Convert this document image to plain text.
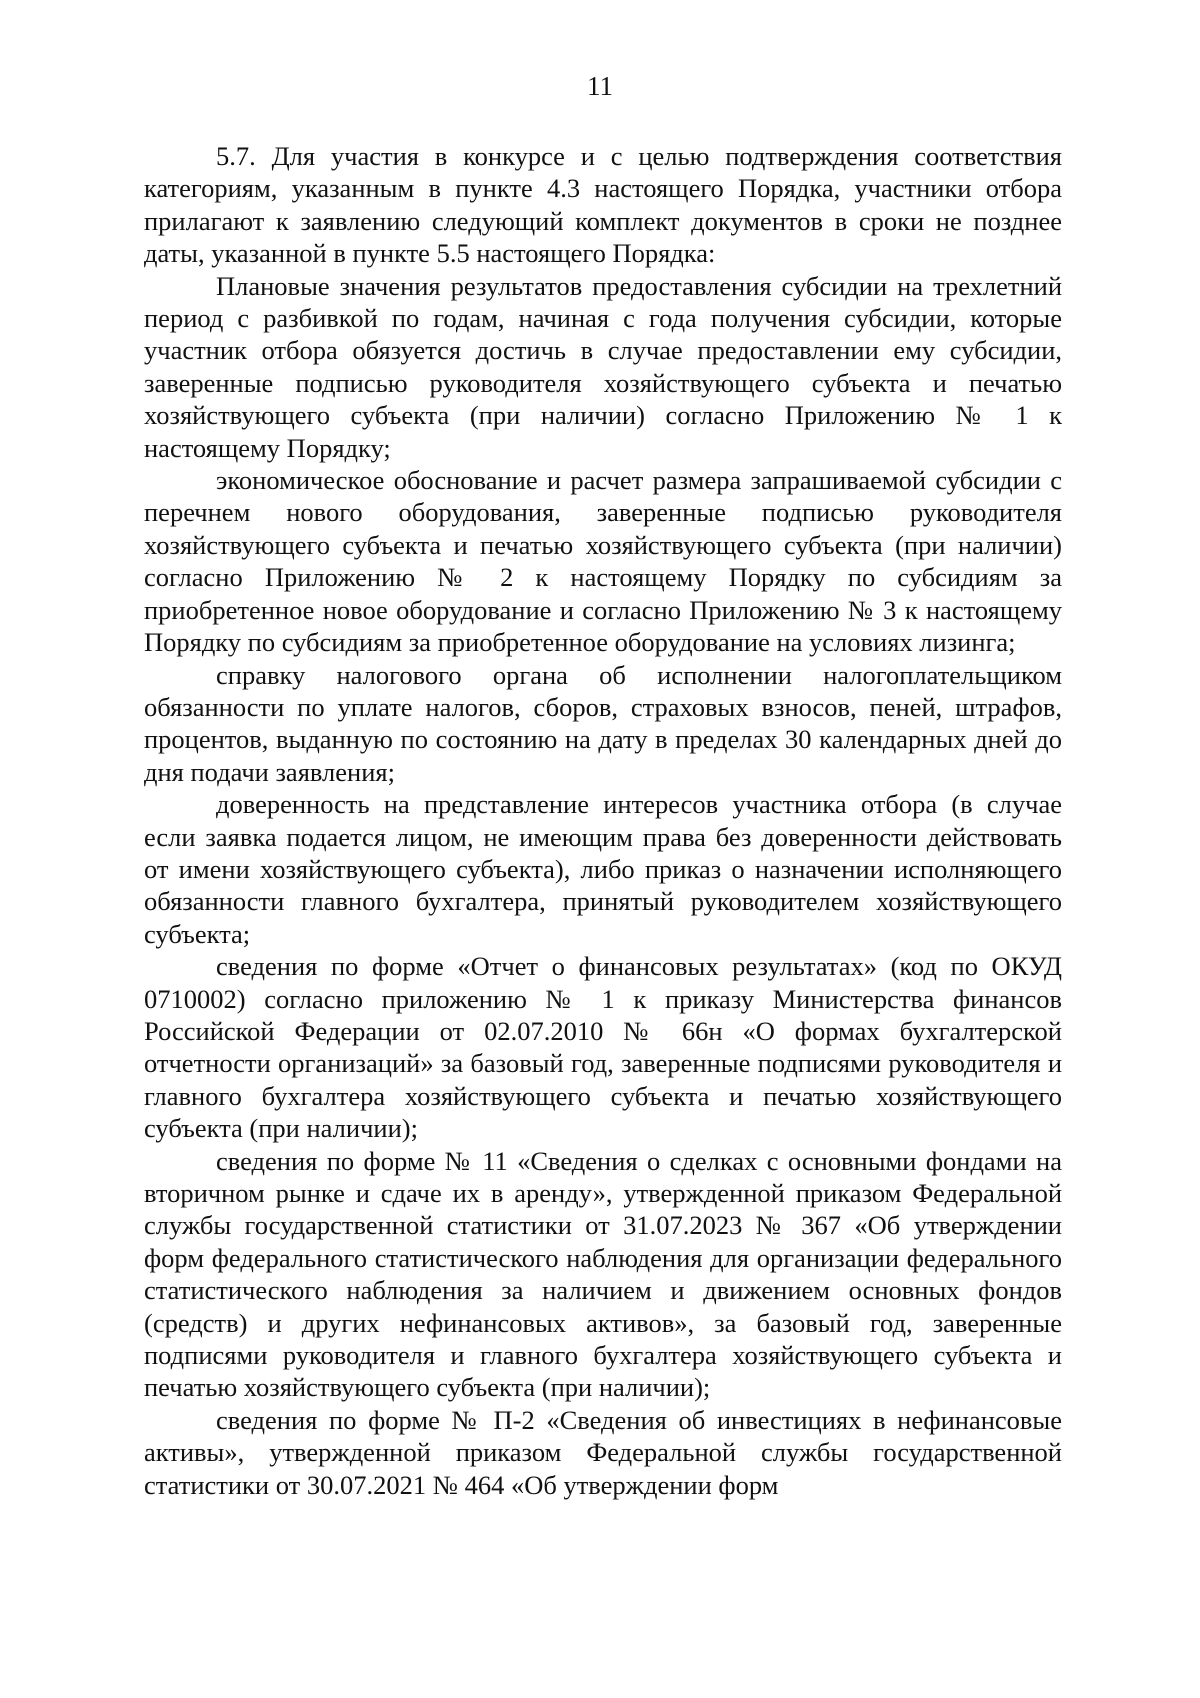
11

5.7. Для участия в конкурсе и с целью подтверждения соответствия категориям, указанным в пункте 4.3 настоящего Порядка, участники отбора прилагают к заявлению следующий комплект документов в сроки не позднее даты, указанной в пункте 5.5 настоящего Порядка:

Плановые значения результатов предоставления субсидии на трехлетний период с разбивкой по годам, начиная с года получения субсидии, которые участник отбора обязуется достичь в случае предоставлении ему субсидии, заверенные подписью руководителя хозяйствующего субъекта и печатью хозяйствующего субъекта (при наличии) согласно Приложению № 1 к настоящему Порядку;

экономическое обоснование и расчет размера запрашиваемой субсидии с перечнем нового оборудования, заверенные подписью руководителя хозяйствующего субъекта и печатью хозяйствующего субъекта (при наличии) согласно Приложению № 2 к настоящему Порядку по субсидиям за приобретенное новое оборудование и согласно Приложению № 3 к настоящему Порядку по субсидиям за приобретенное оборудование на условиях лизинга;

справку налогового органа об исполнении налогоплательщиком обязанности по уплате налогов, сборов, страховых взносов, пеней, штрафов, процентов, выданную по состоянию на дату в пределах 30 календарных дней до дня подачи заявления;

доверенность на представление интересов участника отбора (в случае если заявка подается лицом, не имеющим права без доверенности действовать от имени хозяйствующего субъекта), либо приказ о назначении исполняющего обязанности главного бухгалтера, принятый руководителем хозяйствующего субъекта;

сведения по форме «Отчет о финансовых результатах» (код по ОКУД 0710002) согласно приложению № 1 к приказу Министерства финансов Российской Федерации от 02.07.2010 № 66н «О формах бухгалтерской отчетности организаций» за базовый год, заверенные подписями руководителя и главного бухгалтера хозяйствующего субъекта и печатью хозяйствующего субъекта (при наличии);

сведения по форме № 11 «Сведения о сделках с основными фондами на вторичном рынке и сдаче их в аренду», утвержденной приказом Федеральной службы государственной статистики от 31.07.2023 № 367 «Об утверждении форм федерального статистического наблюдения для организации федерального статистического наблюдения за наличием и движением основных фондов (средств) и других нефинансовых активов», за базовый год, заверенные подписями руководителя и главного бухгалтера хозяйствующего субъекта и печатью хозяйствующего субъекта (при наличии);

сведения по форме № П-2 «Сведения об инвестициях в нефинансовые активы», утвержденной приказом Федеральной службы государственной статистики от 30.07.2021 № 464 «Об утверждении форм
